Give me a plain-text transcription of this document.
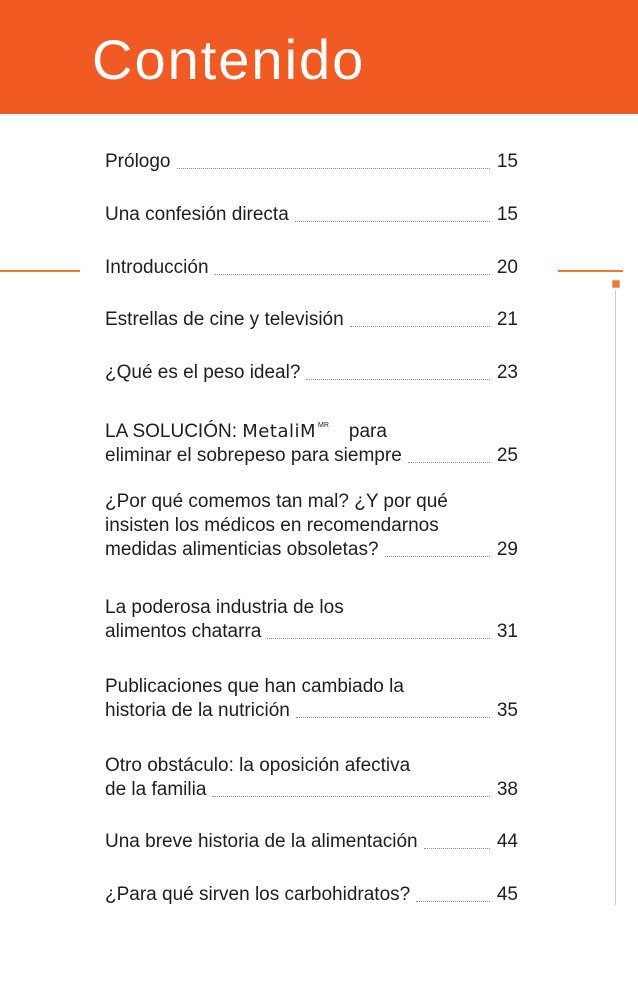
Contenido
Prólogo	15
Una confesión directa	15
Introducción	20
Estrellas de cine y televisión	21
¿Qué es el peso ideal?	23
LA SOLUCIÓN: MetaliM $^{MR}$ para
eliminar el sobrepeso para siempre	25
¿Por qué comemos tan mal? ¿Y por qué
insisten los médicos en recomendarnos
medidas alimenticias obsoletas?	29
La poderosa industria de los
alimentos chatarra	31
Publicaciones que han cambiado la
historia de la nutrición	35
Otro obstáculo: la oposición afectiva
de la familia	38
Una breve historia de la alimentación	44
¿Para qué sirven los carbohidratos?	45
